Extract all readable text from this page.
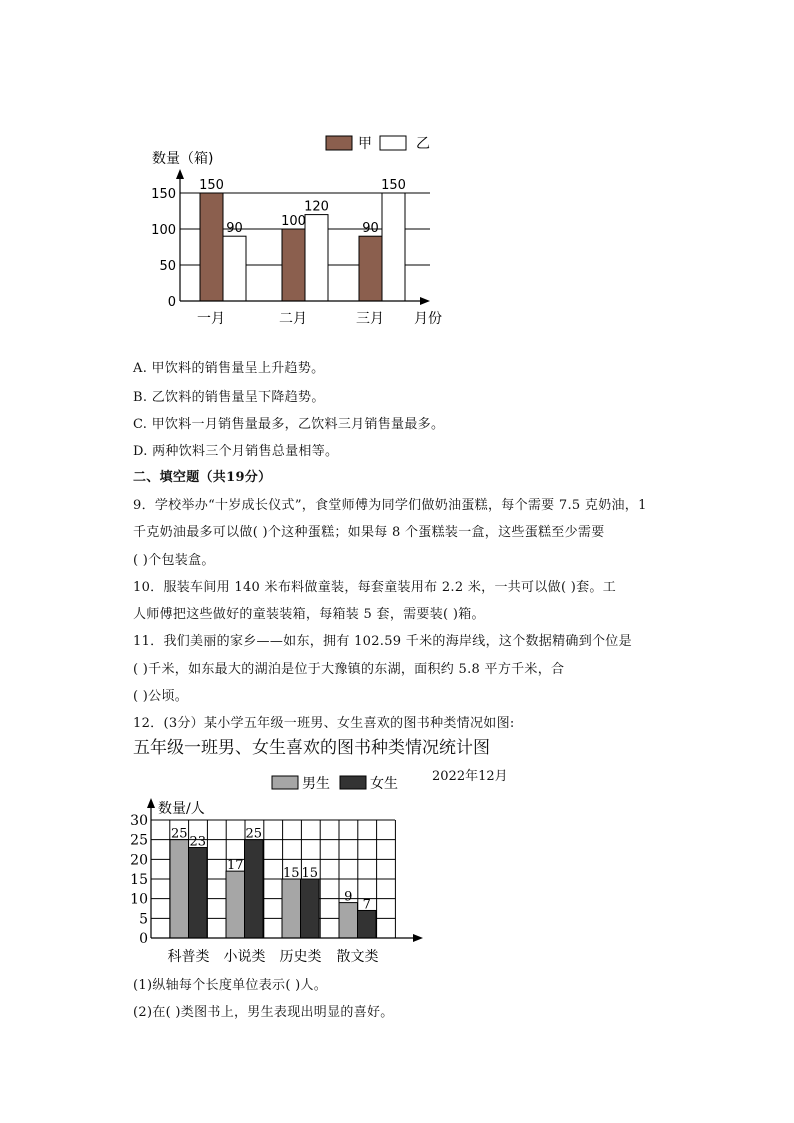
150
90	100
120
90
150
0
50
100
150
一月	二月	三月
数量（箱)
月份
甲	乙
A. 甲饮料的销售量呈上升趋势。
B. 乙饮料的销售量呈下降趋势。
C. 甲饮料一月销售量最多，乙饮料三月销售量最多。
D. 两种饮料三个月销售总量相等。
二、填空题（共19分）
9．学校举办“十岁成长仪式”，食堂师傅为同学们做奶油蛋糕，每个需要 7.5 克奶油，1
千克奶油最多可以做( )个这种蛋糕；如果每 8 个蛋糕装一盒，这些蛋糕至少需要
( )个包装盒。
10．服装车间用 140 米布料做童装，每套童装用布 2.2 米，一共可以做( )套。工
人师傅把这些做好的童装装箱，每箱装 5 套，需要装( )箱。
11．我们美丽的家乡——如东，拥有 102.59 千米的海岸线，这个数据精确到个位是
( )千米，如东最大的湖泊是位于大豫镇的东湖，面积约 5.8 平方千米，合
( )公顷。
12．(3分）某小学五年级一班男、女生喜欢的图书种类情况如图:
五年级一班男、女生喜欢的图书种类情况统计图
2022年12月
25
23
17
25
15 15
9
7
0
5
10
15
20
25
30
科普类 小说类 历史类 散文类
数量/人
男生	女生
(1)纵轴每个长度单位表示( )人。
(2)在( )类图书上，男生表现出明显的喜好。
